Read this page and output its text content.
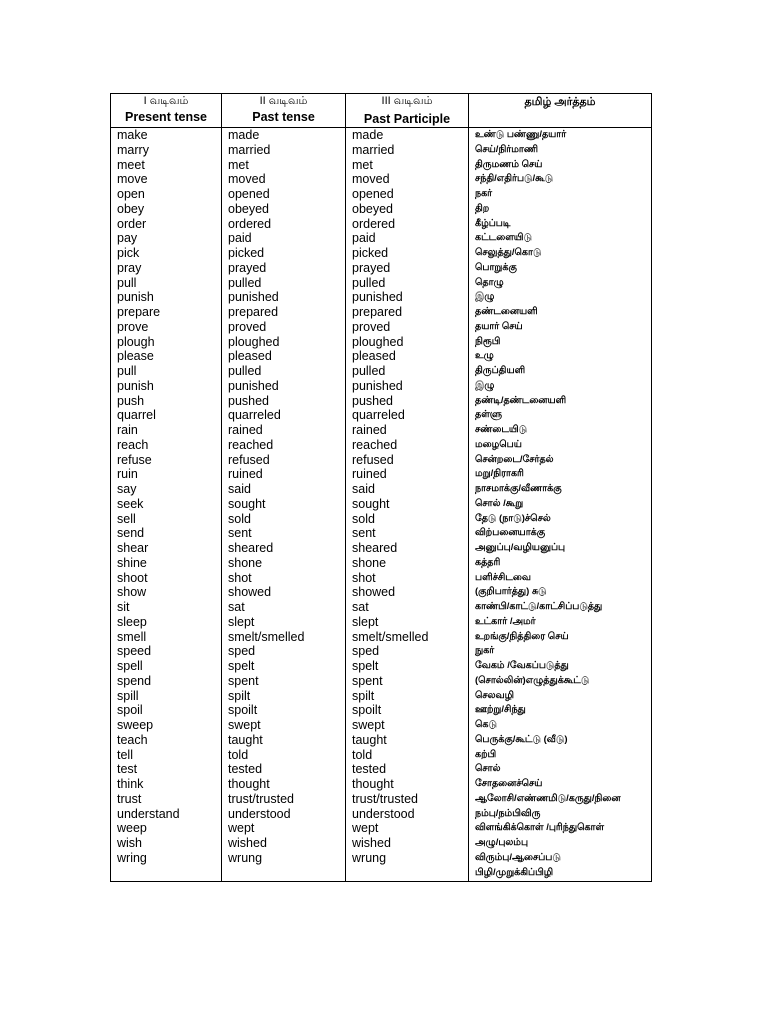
I வடிவம்
Present tense
make
marry
meet
move
open
obey
order
pay
pick
pray
pull
punish
prepare
prove
plough
please
pull
punish
push
quarrel
rain
reach
refuse
ruin
say
seek
sell
send
shear
shine
shoot
show
sit
sleep
smell
speed
spell
spend
spill
spoil
sweep
teach
tell
test
think
trust
understand
weep
wish
wring
II வடிவம்
Past tense
made
married
met
moved
opened
obeyed
ordered
paid
picked
prayed
pulled
punished
prepared
proved
ploughed
pleased
pulled
punished
pushed
quarreled
rained
reached
refused
ruined
said
sought
sold
sent
sheared
shone
shot
showed
sat
slept
smelt/smelled
sped
spelt
spent
spilt
spoilt
swept
taught
told
tested
thought
trust/trusted
understood
wept
wished
wrung
III வடிவம்
Past Participle
made
married
met
moved
opened
obeyed
ordered
paid
picked
prayed
pulled
punished
prepared
proved
ploughed
pleased
pulled
punished
pushed
quarreled
rained
reached
refused
ruined
said
sought
sold
sent
sheared
shone
shot
showed
sat
slept
smelt/smelled
sped
spelt
spent
spilt
spoilt
swept
taught
told
tested
thought
trust/trusted
understood
wept
wished
wrung
தமிழ் அர்த்தம்
உண்டு பண்ணு/தயார்
செய்/நிர்மாணி
திருமணம் செய்
சந்தி/எதிர்படு/கூடு
நகர்
திற
கீழ்ப்படி
கட்டளையிடு
செலுத்து/கொடு
பொறுக்கு
தொழு
இழு
தண்டனையளி
தயார் செய்
நிரூபி
உழு
திருப்தியளி
இழு
தண்டி/தண்டனையளி
தள்ளு
சண்டையிடு
மழைபெய்
சென்றடை/சேர்தல்
மறு/நிராகரி
நாசமாக்கு/வீணாக்கு
சொல் /கூறு
தேடு (நாடு)ச்செல்
விற்பனையாக்கு
அனுப்பு/வழியனுப்பு
கத்தரி
பளிச்சிடவை
(குறிபார்த்து) சுடு
காண்பி/காட்டு/காட்சிப்படுத்து
உட்கார் /அமர்
உறங்கு/நித்திரை செய்
நுகர்
வேகம் /வேகப்படுத்து
(சொல்லின்)எழுத்துக்கூட்டு
செலவழி
ஊற்று/சிந்து
கெடு
பெருக்கு/கூட்டு (வீடு)
கற்பி
சொல்
சோதனைச்செய்
ஆலோசி/எண்ணமிடு/கருது/நினை
நம்பு/நம்பிவிரு
விளங்கிக்கொள் /புரிந்துகொள்
அழு/புலம்பு
விரும்பு/ஆசைப்படு
பிழி/முறுக்கிப்பிழி
